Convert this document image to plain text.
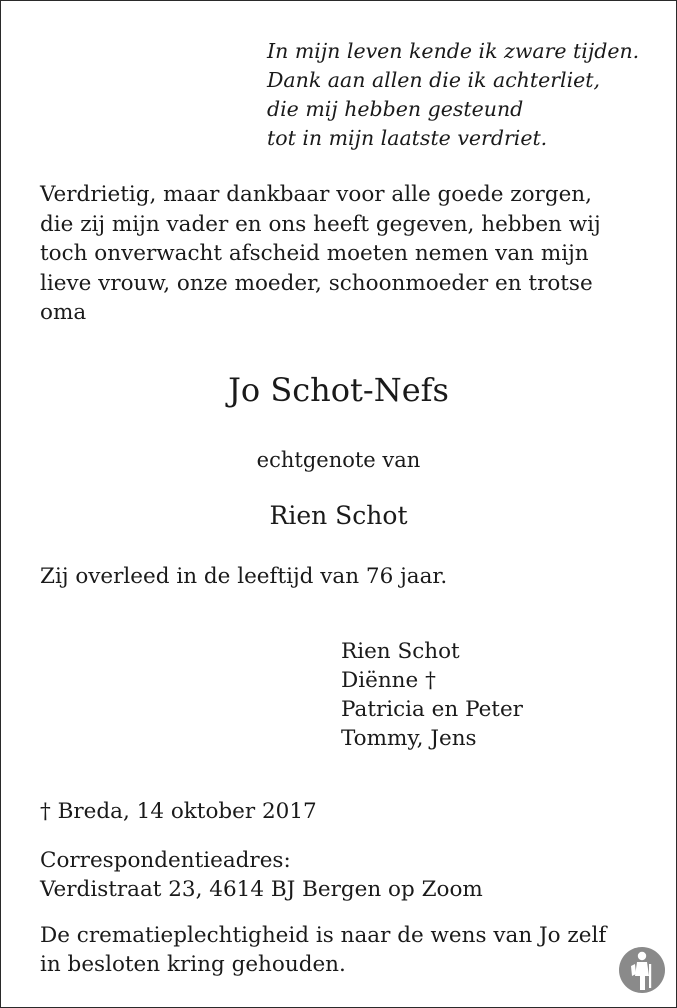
In mijn leven kende ik zware tijden.
Dank aan allen die ik achterliet,
die mij hebben gesteund
tot in mijn laatste verdriet.
Verdrietig, maar dankbaar voor alle goede zorgen,
die zij mijn vader en ons heeft gegeven, hebben wij
toch onverwacht afscheid moeten nemen van mijn
lieve vrouw, onze moeder, schoonmoeder en trotse
oma
Jo Schot-Nefs
echtgenote van
Rien Schot
Zij overleed in de leeftijd van 76 jaar.
Rien Schot
Diënne †
Patricia en Peter
Tommy, Jens
† Breda, 14 oktober 2017
Correspondentieadres:
Verdistraat 23, 4614 BJ Bergen op Zoom
De crematieplechtigheid is naar de wens van Jo zelf
in besloten kring gehouden.
